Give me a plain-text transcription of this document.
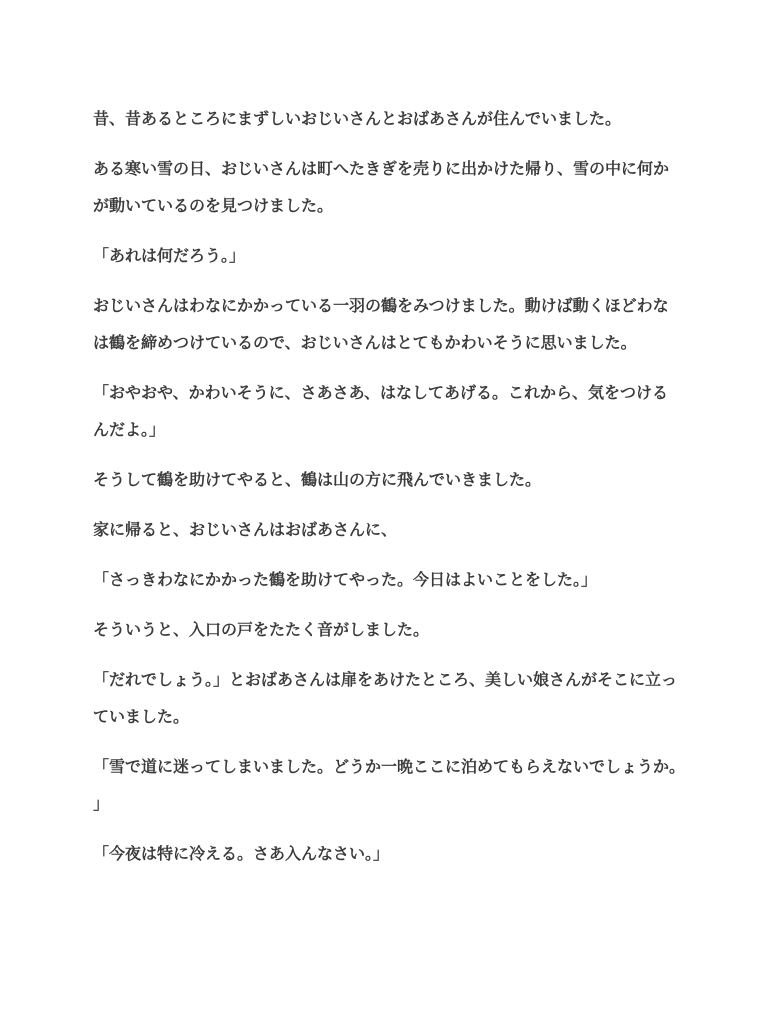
昔、昔あるところにまずしいおじいさんとおばあさんが住んでいました。

ある寒い雪の日、おじいさんは町へたきぎを売りに出かけた帰り、雪の中に何かが動いているのを見つけました。

「あれは何だろう。」

おじいさんはわなにかかっている一羽の鶴をみつけました。動けば動くほどわなは鶴を締めつけているので、おじいさんはとてもかわいそうに思いました。

「おやおや、かわいそうに、さあさあ、はなしてあげる。これから、気をつけるんだよ。」

そうして鶴を助けてやると、鶴は山の方に飛んでいきました。

家に帰ると、おじいさんはおばあさんに、

「さっきわなにかかった鶴を助けてやった。今日はよいことをした。」

そういうと、入口の戸をたたく音がしました。

「だれでしょう。」とおばあさんは扉をあけたところ、美しい娘さんがそこに立っていました。

「雪で道に迷ってしまいました。どうか一晩ここに泊めてもらえないでしょうか。」

「今夜は特に冷える。さあ入んなさい。」
